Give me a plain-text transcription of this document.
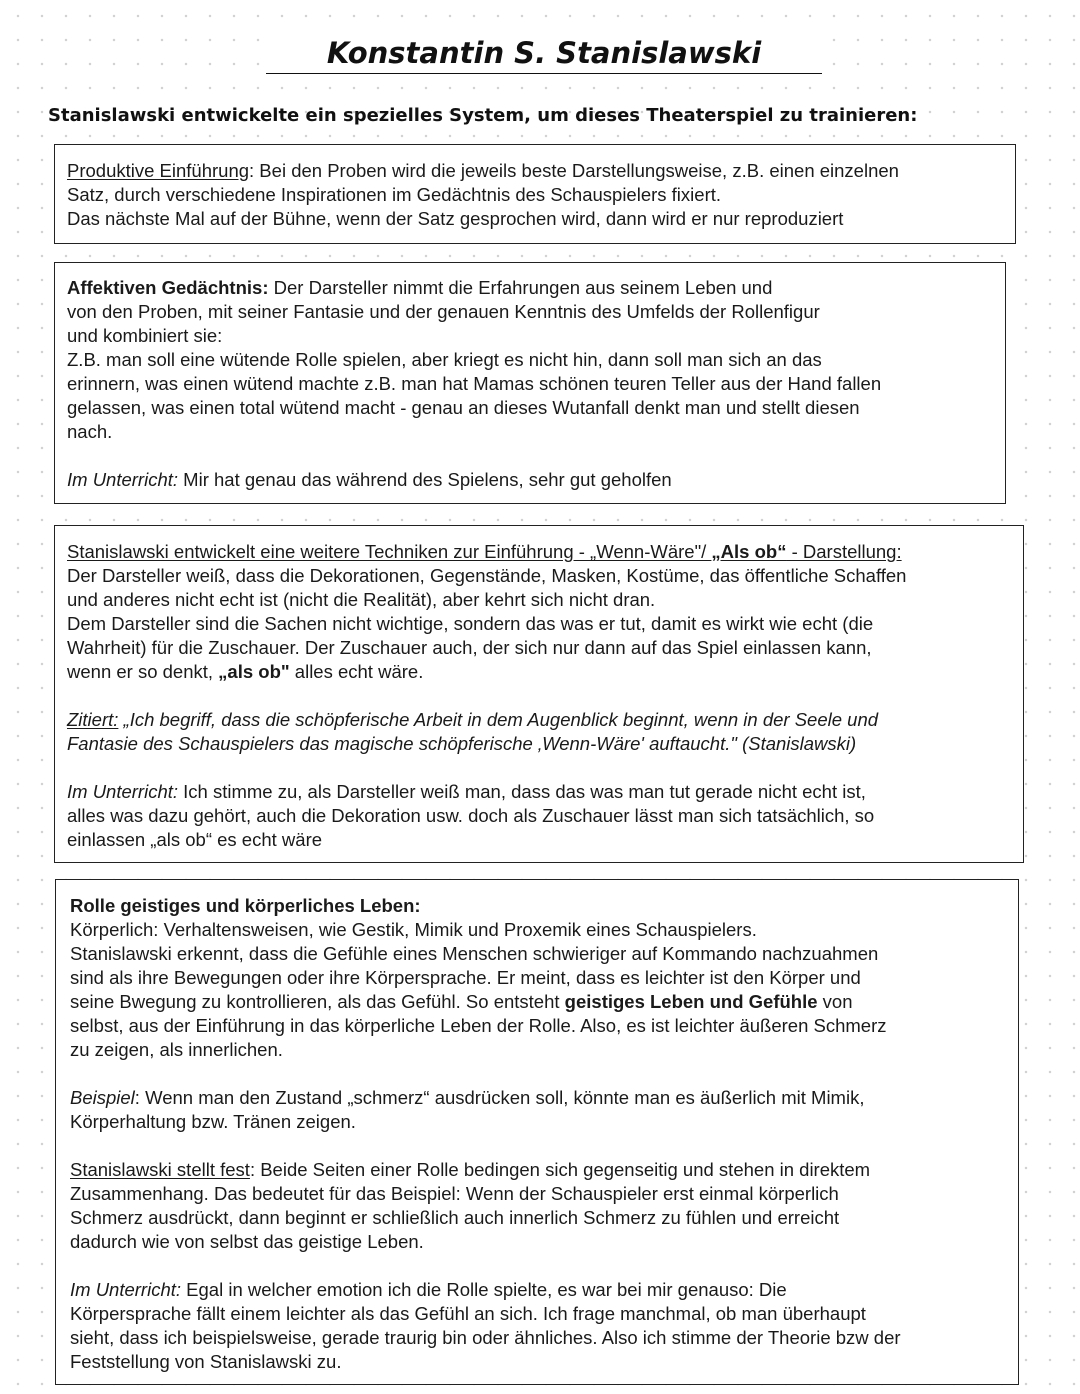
Konstantin S. Stanislawski
Stanislawski entwickelte ein spezielles System, um dieses Theaterspiel zu trainieren:

Produktive Einführung: Bei den Proben wird die jeweils beste Darstellungsweise, z.B. einen einzelnen
Satz, durch verschiedene Inspirationen im Gedächtnis des Schauspielers fixiert.
Das nächste Mal auf der Bühne, wenn der Satz gesprochen wird, dann wird er nur reproduziert

Affektiven Gedächtnis: Der Darsteller nimmt die Erfahrungen aus seinem Leben und
von den Proben, mit seiner Fantasie und der genauen Kenntnis des Umfelds der Rollenfigur
und kombiniert sie:
Z.B. man soll eine wütende Rolle spielen, aber kriegt es nicht hin, dann soll man sich an das
erinnern, was einen wütend machte z.B. man hat Mamas schönen teuren Teller aus der Hand fallen
gelassen, was einen total wütend macht - genau an dieses Wutanfall denkt man und stellt diesen
nach.

Im Unterricht: Mir hat genau das während des Spielens, sehr gut geholfen

Stanislawski entwickelt eine weitere Techniken zur Einführung - „Wenn-Wäre"/ „Als ob“ - Darstellung:
Der Darsteller weiß, dass die Dekorationen, Gegenstände, Masken, Kostüme, das öffentliche Schaffen
und anderes nicht echt ist (nicht die Realität), aber kehrt sich nicht dran.
Dem Darsteller sind die Sachen nicht wichtige, sondern das was er tut, damit es wirkt wie echt (die
Wahrheit) für die Zuschauer. Der Zuschauer auch, der sich nur dann auf das Spiel einlassen kann,
wenn er so denkt, „als ob" alles echt wäre.

Zitiert: „Ich begriff, dass die schöpferische Arbeit in dem Augenblick beginnt, wenn in der Seele und
Fantasie des Schauspielers das magische schöpferische ‚Wenn-Wäre' auftaucht." (Stanislawski)

Im Unterricht: Ich stimme zu, als Darsteller weiß man, dass das was man tut gerade nicht echt ist,
alles was dazu gehört, auch die Dekoration usw. doch als Zuschauer lässt man sich tatsächlich, so
einlassen „als ob“ es echt wäre

Rolle geistiges und körperliches Leben:
Körperlich: Verhaltensweisen, wie Gestik, Mimik und Proxemik eines Schauspielers.
Stanislawski erkennt, dass die Gefühle eines Menschen schwieriger auf Kommando nachzuahmen
sind als ihre Bewegungen oder ihre Körpersprache. Er meint, dass es leichter ist den Körper und
seine Bwegung zu kontrollieren, als das Gefühl. So entsteht geistiges Leben und Gefühle von
selbst, aus der Einführung in das körperliche Leben der Rolle. Also, es ist leichter äußeren Schmerz
zu zeigen, als innerlichen.

Beispiel: Wenn man den Zustand „schmerz“ ausdrücken soll, könnte man es äußerlich mit Mimik,
Körperhaltung bzw. Tränen zeigen.

Stanislawski stellt fest: Beide Seiten einer Rolle bedingen sich gegenseitig und stehen in direktem
Zusammenhang. Das bedeutet für das Beispiel: Wenn der Schauspieler erst einmal körperlich
Schmerz ausdrückt, dann beginnt er schließlich auch innerlich Schmerz zu fühlen und erreicht
dadurch wie von selbst das geistige Leben.

Im Unterricht: Egal in welcher emotion ich die Rolle spielte, es war bei mir genauso: Die
Körpersprache fällt einem leichter als das Gefühl an sich. Ich frage manchmal, ob man überhaupt
sieht, dass ich beispielsweise, gerade traurig bin oder ähnliches. Also ich stimme der Theorie bzw der
Feststellung von Stanislawski zu.
